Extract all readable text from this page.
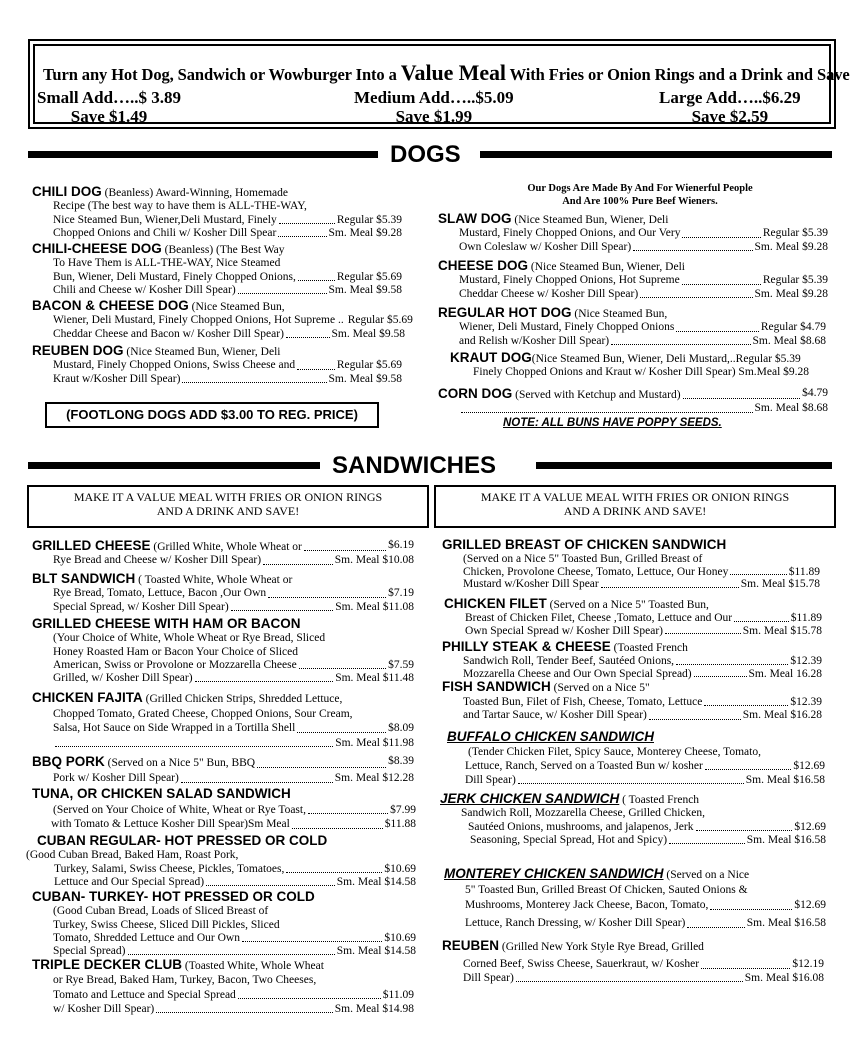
Turn any Hot Dog, Sandwich or Wowburger Into a Value Meal With Fries or Onion Rings and a Drink and Save
Small Add…..$ 3.89
Save $1.49
Medium Add…..$5.09
Save $1.99
Large Add…..$6.29
Save $2.59
DOGS
CHILI DOG (Beanless) Award-Winning, Homemade
Recipe (The best way to have them is ALL-THE-WAY,
Nice Steamed Bun, Wiener,Deli Mustard, Finely	Regular $5.39
Chopped Onions and Chili w/ Kosher Dill Spear	Sm. Meal $9.28
CHILI-CHEESE DOG (Beanless) (The Best Way
To Have Them is ALL-THE-WAY, Nice Steamed
Bun, Wiener, Deli Mustard, Finely Chopped Onions,	Regular $5.69
Chili and Cheese w/ Kosher Dill Spear)	Sm. Meal $9.58
BACON & CHEESE DOG (Nice Steamed Bun,
Wiener, Deli Mustard, Finely Chopped Onions, Hot Supreme .. Regular $5.69
Cheddar Cheese and Bacon w/ Kosher Dill Spear)	Sm. Meal $9.58
REUBEN DOG (Nice Steamed Bun, Wiener, Deli
Mustard, Finely Chopped Onions, Swiss Cheese and	Regular $5.69
Kraut w/Kosher Dill Spear)	Sm. Meal $9.58
(FOOTLONG DOGS ADD $3.00 TO REG. PRICE)
Our Dogs Are Made By And For Wienerful People
And Are 100% Pure Beef Wieners.
SLAW DOG (Nice Steamed Bun, Wiener, Deli
Mustard, Finely Chopped Onions, and Our Very	Regular $5.39
Own Coleslaw w/ Kosher Dill Spear)	Sm. Meal $9.28
CHEESE DOG (Nice Steamed Bun, Wiener, Deli
Mustard, Finely Chopped Onions, Hot Supreme	Regular $5.39
Cheddar Cheese w/ Kosher Dill Spear)	Sm. Meal $9.28
REGULAR HOT DOG (Nice Steamed Bun,
Wiener, Deli Mustard, Finely Chopped Onions	Regular $4.79
and Relish w/Kosher Dill Spear)	Sm. Meal $8.68
KRAUT DOG(Nice Steamed Bun, Wiener, Deli Mustard,..Regular $5.39
Finely Chopped Onions and Kraut w/ Kosher Dill Spear) Sm.Meal $9.28
CORN DOG (Served with Ketchup and Mustard)	$4.79
Sm. Meal $8.68
NOTE: ALL BUNS HAVE POPPY SEEDS.
SANDWICHES
MAKE IT A VALUE MEAL WITH FRIES OR ONION RINGS
AND A DRINK AND SAVE!
MAKE IT A VALUE MEAL WITH FRIES OR ONION RINGS
AND A DRINK AND SAVE!
GRILLED CHEESE (Grilled White, Whole Wheat or	$6.19
Rye Bread and Cheese w/ Kosher Dill Spear)	Sm. Meal $10.08
BLT SANDWICH ( Toasted White, Whole Wheat or
Rye Bread, Tomato, Lettuce, Bacon ,Our Own	$7.19
Special Spread, w/ Kosher Dill Spear)	Sm. Meal $11.08
GRILLED CHEESE WITH HAM OR BACON
(Your Choice of White, Whole Wheat or Rye Bread, Sliced
Honey Roasted Ham or Bacon Your Choice of Sliced
American, Swiss or Provolone or Mozzarella Cheese	$7.59
Grilled, w/ Kosher Dill Spear)	Sm. Meal $11.48
CHICKEN FAJITA (Grilled Chicken Strips, Shredded Lettuce,
Chopped Tomato, Grated Cheese, Chopped Onions, Sour Cream,
Salsa, Hot Sauce on Side Wrapped in a Tortilla Shell	$8.09
Sm. Meal $11.98
BBQ PORK (Served on a Nice 5" Bun, BBQ	$8.39
Pork w/ Kosher Dill Spear)	Sm. Meal $12.28
TUNA, OR CHICKEN SALAD SANDWICH
(Served on Your Choice of White, Wheat or Rye Toast,	$7.99
with Tomato & Lettuce Kosher Dill Spear)Sm Meal	$11.88
CUBAN REGULAR- HOT PRESSED OR COLD
(Good Cuban Bread, Baked Ham, Roast Pork,
Turkey, Salami, Swiss Cheese, Pickles, Tomatoes,	$10.69
Lettuce and Our Special Spread)	Sm. Meal $14.58
CUBAN- TURKEY- HOT PRESSED OR COLD
(Good Cuban Bread, Loads of Sliced Breast of
Turkey, Swiss Cheese, Sliced Dill Pickles, Sliced
Tomato, Shredded Lettuce and Our Own	$10.69
Special Spread)	Sm. Meal $14.58
TRIPLE DECKER CLUB (Toasted White, Whole Wheat
or Rye Bread, Baked Ham, Turkey, Bacon, Two Cheeses,
Tomato and Lettuce and Special Spread	$11.09
w/ Kosher Dill Spear)	Sm. Meal $14.98
GRILLED BREAST OF CHICKEN SANDWICH
(Served on a Nice 5" Toasted Bun, Grilled Breast of
Chicken, Provolone Cheese, Tomato, Lettuce, Our Honey	$11.89
Mustard w/Kosher Dill Spear	Sm. Meal $15.78
CHICKEN FILET (Served on a Nice 5" Toasted Bun,
Breast of Chicken Filet, Cheese ,Tomato, Lettuce and Our	$11.89
Own Special Spread w/ Kosher Dill Spear)	Sm. Meal $15.78
PHILLY STEAK & CHEESE (Toasted French
Sandwich Roll, Tender Beef, Sautéed Onions,	$12.39
Mozzarella Cheese and Our Own Special Spread)	Sm. Meal 16.28
FISH SANDWICH (Served on a Nice 5"
Toasted Bun, Filet of Fish, Cheese, Tomato, Lettuce	$12.39
and Tartar Sauce, w/ Kosher Dill Spear)	Sm. Meal $16.28
BUFFALO CHICKEN SANDWICH
(Tender Chicken Filet, Spicy Sauce, Monterey Cheese, Tomato,
Lettuce, Ranch, Served on a Toasted Bun w/ kosher	$12.69
Dill Spear)	Sm. Meal $16.58
JERK CHICKEN SANDWICH ( Toasted French
Sandwich Roll, Mozzarella Cheese, Grilled Chicken,
Sautéed Onions, mushrooms, and jalapenos, Jerk	$12.69
Seasoning, Special Spread, Hot and Spicy)	Sm. Meal $16.58
MONTEREY CHICKEN SANDWICH (Served on a Nice
5" Toasted Bun, Grilled Breast Of Chicken, Sauted Onions &
Mushrooms, Monterey Jack Cheese, Bacon, Tomato,	$12.69
Lettuce, Ranch Dressing, w/ Kosher Dill Spear)	Sm. Meal $16.58
REUBEN (Grilled New York Style Rye Bread, Grilled
Corned Beef, Swiss Cheese, Sauerkraut, w/ Kosher	$12.19
Dill Spear)	Sm. Meal $16.08
